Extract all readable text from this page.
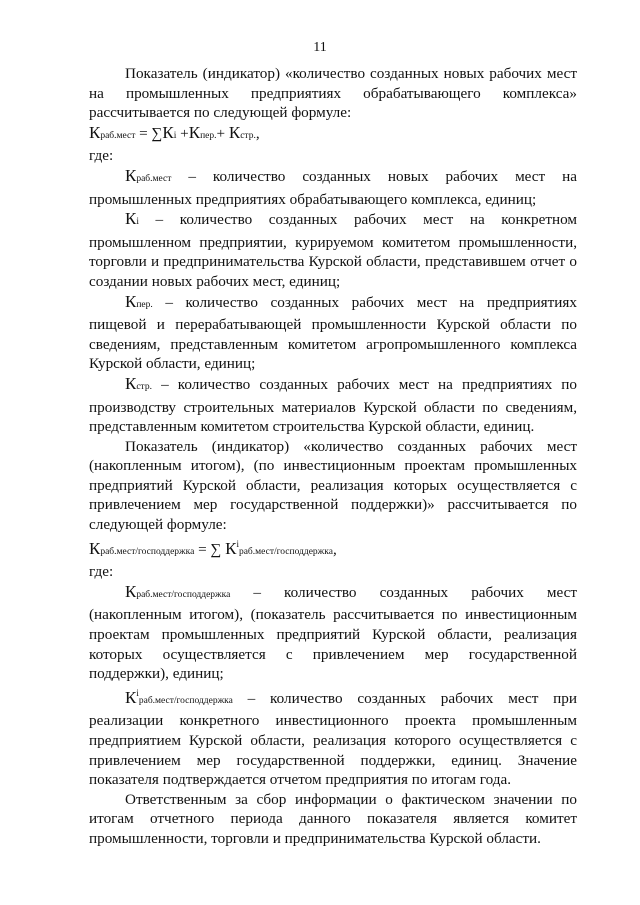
11

Показатель (индикатор) «количество созданных новых рабочих мест на промышленных предприятиях обрабатывающего комплекса» рассчитывается по следующей формуле:

Краб.мест = ∑Кi +Кпер.+ Кстр.,

где:

Краб.мест – количество созданных новых рабочих мест на промышленных предприятиях обрабатывающего комплекса, единиц;

Кi – количество созданных рабочих мест на конкретном промышленном предприятии, курируемом комитетом промышленности, торговли и предпринимательства Курской области, представившем отчет о создании новых рабочих мест, единиц;

Кпер. – количество созданных рабочих мест на предприятиях пищевой и перерабатывающей промышленности Курской области по сведениям, представленным комитетом агропромышленного комплекса Курской области, единиц;

Кстр. – количество созданных рабочих мест на предприятиях по производству строительных материалов Курской области по сведениям, представленным комитетом строительства Курской области, единиц.

Показатель (индикатор) «количество созданных рабочих мест (накопленным итогом), (по инвестиционным проектам промышленных предприятий Курской области, реализация которых осуществляется с привлечением мер государственной поддержки)» рассчитывается по следующей формуле:

Краб.мест/господдержка = ∑ $К^iраб.мест$/господдержка,

где:

Краб.мест/господдержка – количество созданных рабочих мест (накопленным итогом), (показатель рассчитывается по инвестиционным проектам промышленных предприятий Курской области, реализация которых осуществляется с привлечением мер государственной поддержки), единиц;

$К^iраб.мест$/господдержка – количество созданных рабочих мест при реализации конкретного инвестиционного проекта промышленным предприятием Курской области, реализация которого осуществляется с привлечением мер государственной поддержки, единиц. Значение показателя подтверждается отчетом предприятия по итогам года.

Ответственным за сбор информации о фактическом значении по итогам отчетного периода данного показателя является комитет промышленности, торговли и предпринимательства Курской области.
